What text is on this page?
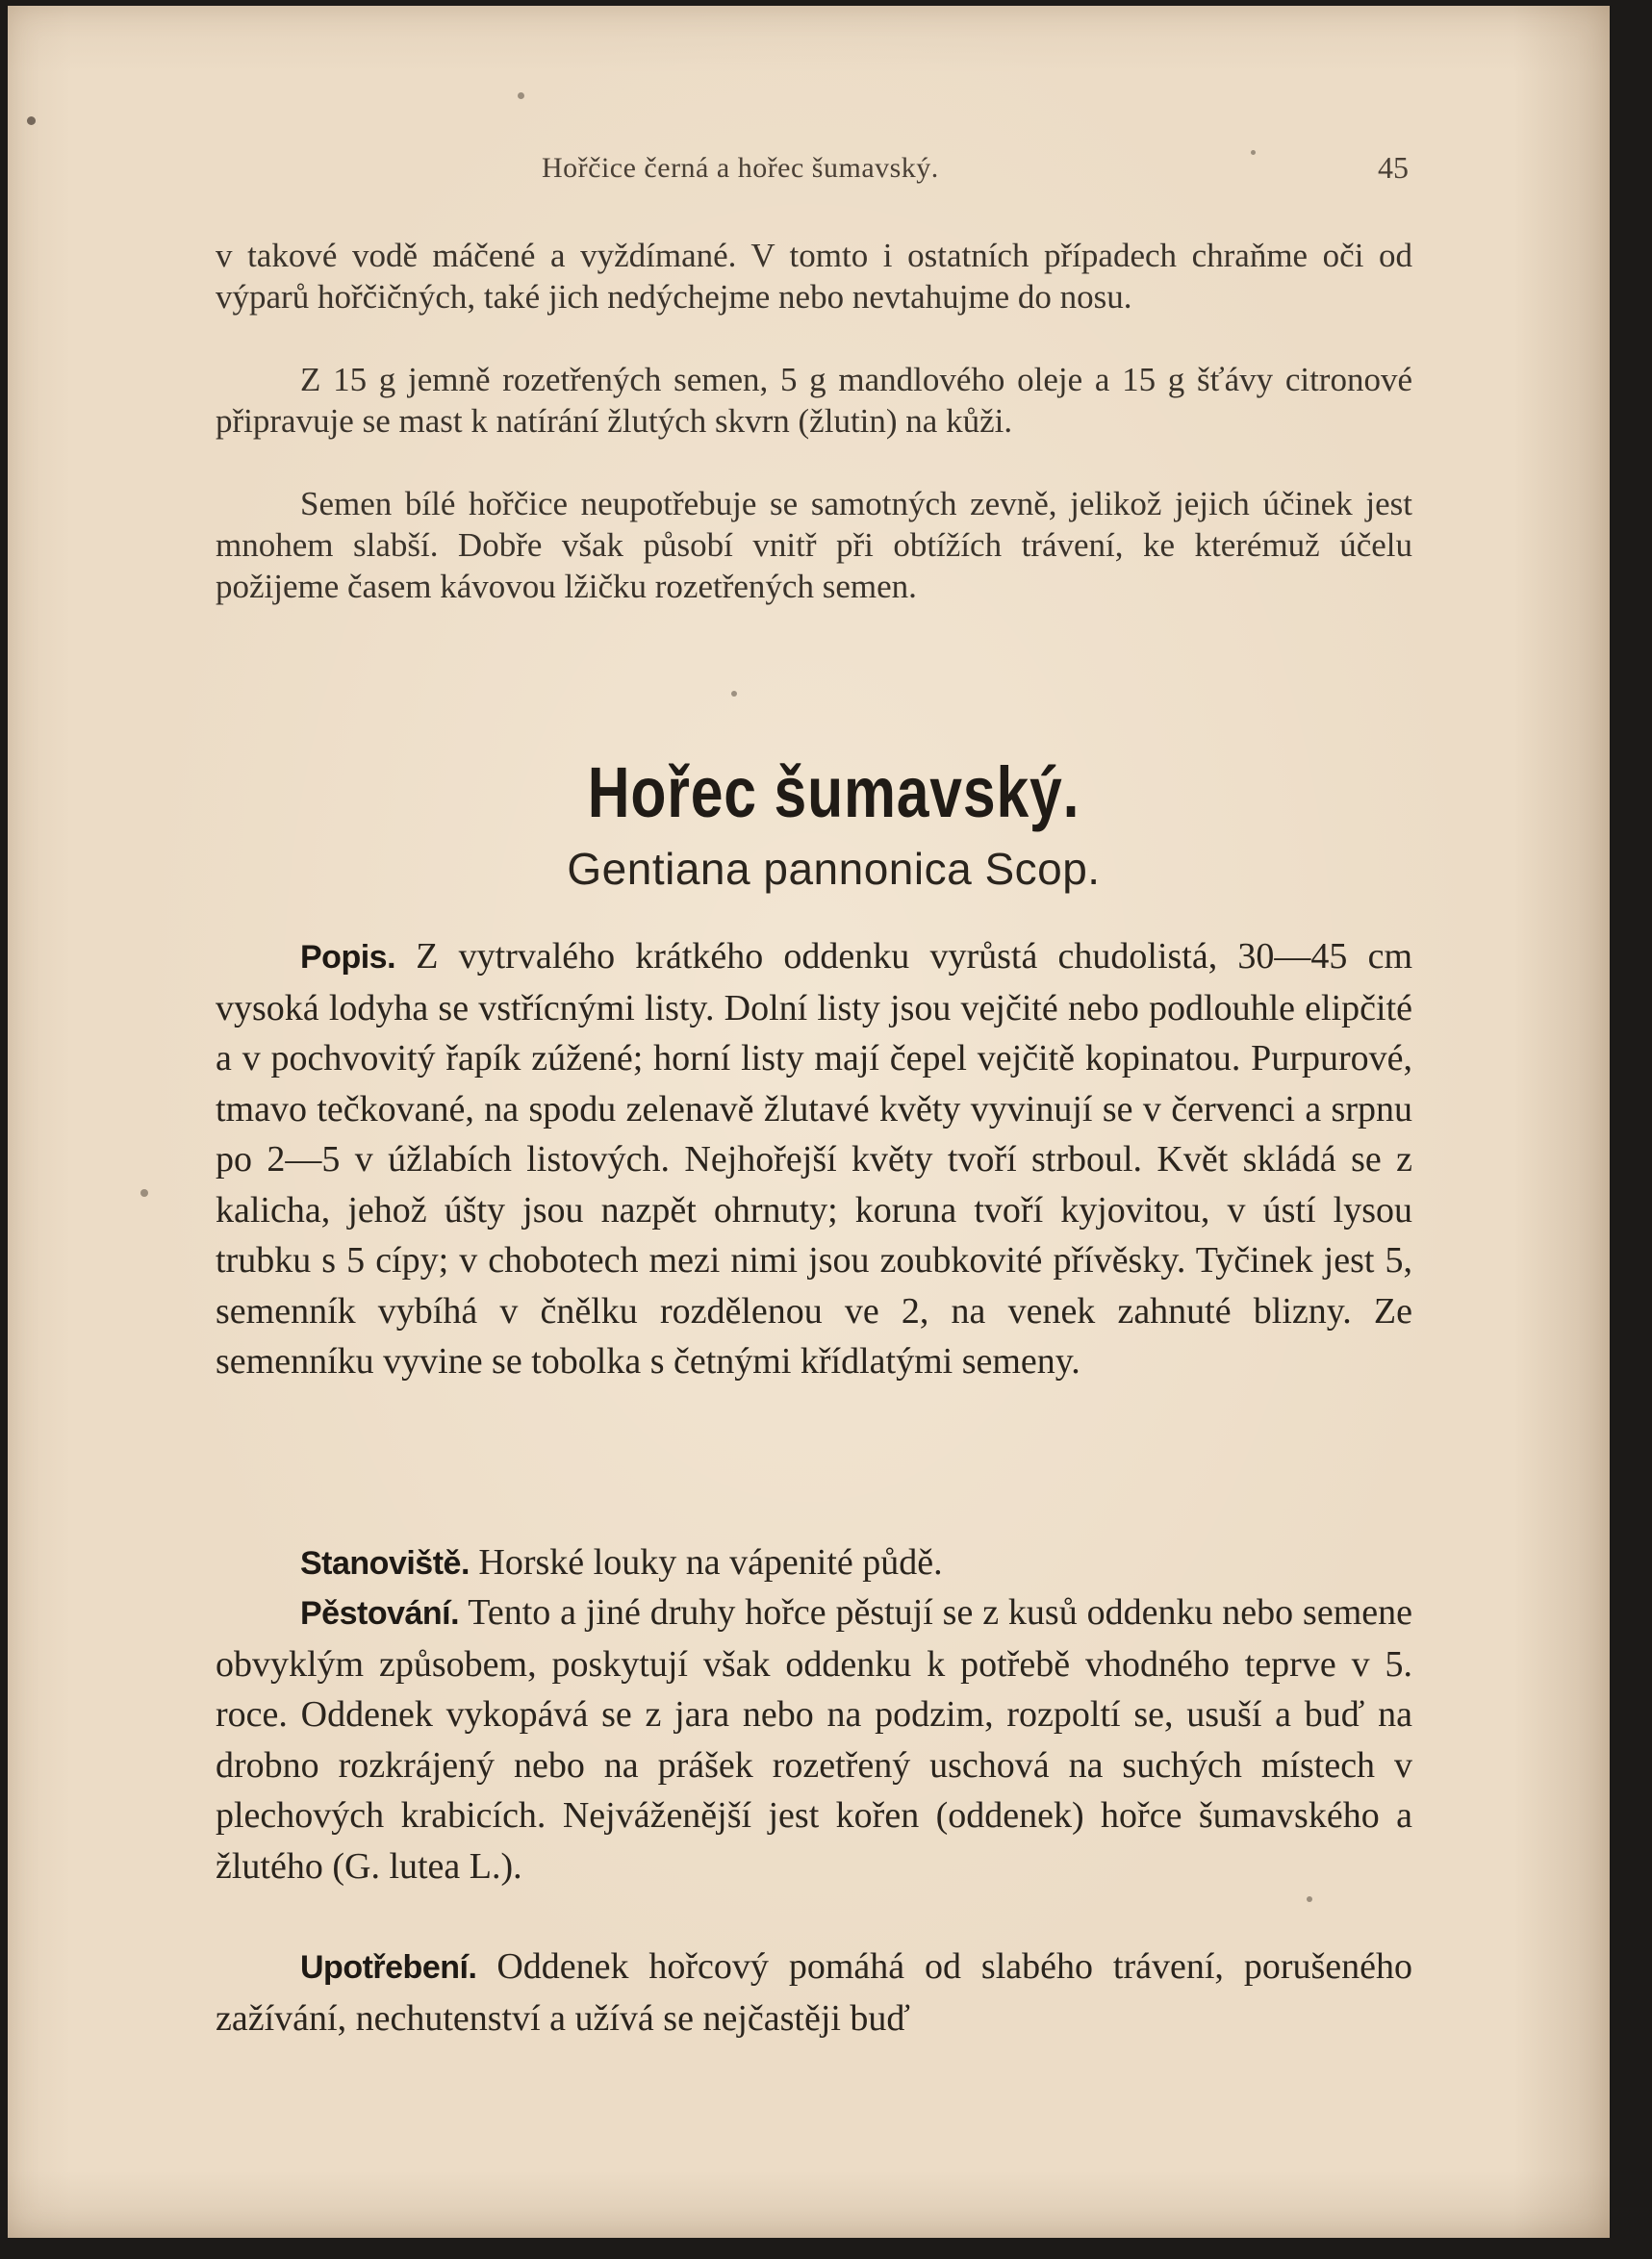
Hořčice černá a hořec šumavský.	45

v takové vodě máčené a vyždímané. V tomto i ostatních případech chraňme oči od výparů hořčičných, také jich nedýchejme nebo nevtahujme do nosu.

Z 15 g jemně rozetřených semen, 5 g mandlového oleje a 15 g šťávy citronové připravuje se mast k natírání žlutých skvrn (žlutin) na kůži.

Semen bílé hořčice neupotřebuje se samotných zevně, jelikož jejich účinek jest mnohem slabší. Dobře však působí vnitř při obtížích trávení, ke kterémuž účelu požijeme časem kávovou lžičku rozetřených semen.

Hořec šumavský.
Gentiana pannonica Scop.

Popis. Z vytrvalého krátkého oddenku vyrůstá chudolistá, 30—45 cm vysoká lodyha se vstřícnými listy. Dolní listy jsou vejčité nebo podlouhle elipčité a v pochvovitý řapík zúžené; horní listy mají čepel vejčitě kopinatou. Purpurové, tmavo tečkované, na spodu zelenavě žlutavé květy vyvinují se v červenci a srpnu po 2—5 v úžlabích listových. Nejhořejší květy tvoří strboul. Květ skládá se z kalicha, jehož úšty jsou nazpět ohrnuty; koruna tvoří kyjovitou, v ústí lysou trubku s 5 cípy; v chobotech mezi nimi jsou zoubkovité přívěsky. Tyčinek jest 5, semenník vybíhá v čnělku rozdělenou ve 2, na venek zahnuté blizny. Ze semenníku vyvine se tobolka s četnými křídlatými semeny.

Stanoviště. Horské louky na vápenité půdě.

Pěstování. Tento a jiné druhy hořce pěstují se z kusů oddenku nebo semene obvyklým způsobem, poskytují však oddenku k potřebě vhodného teprve v 5. roce. Oddenek vykopává se z jara nebo na podzim, rozpoltí se, usuší a buď na drobno rozkrájený nebo na prášek rozetřený uschová na suchých místech v plechových krabicích. Nejváženější jest kořen (oddenek) hořce šumavského a žlutého (G. lutea L.).

Upotřebení. Oddenek hořcový pomáhá od slabého trávení, porušeného zažívání, nechutenství a užívá se nejčastěji buď
